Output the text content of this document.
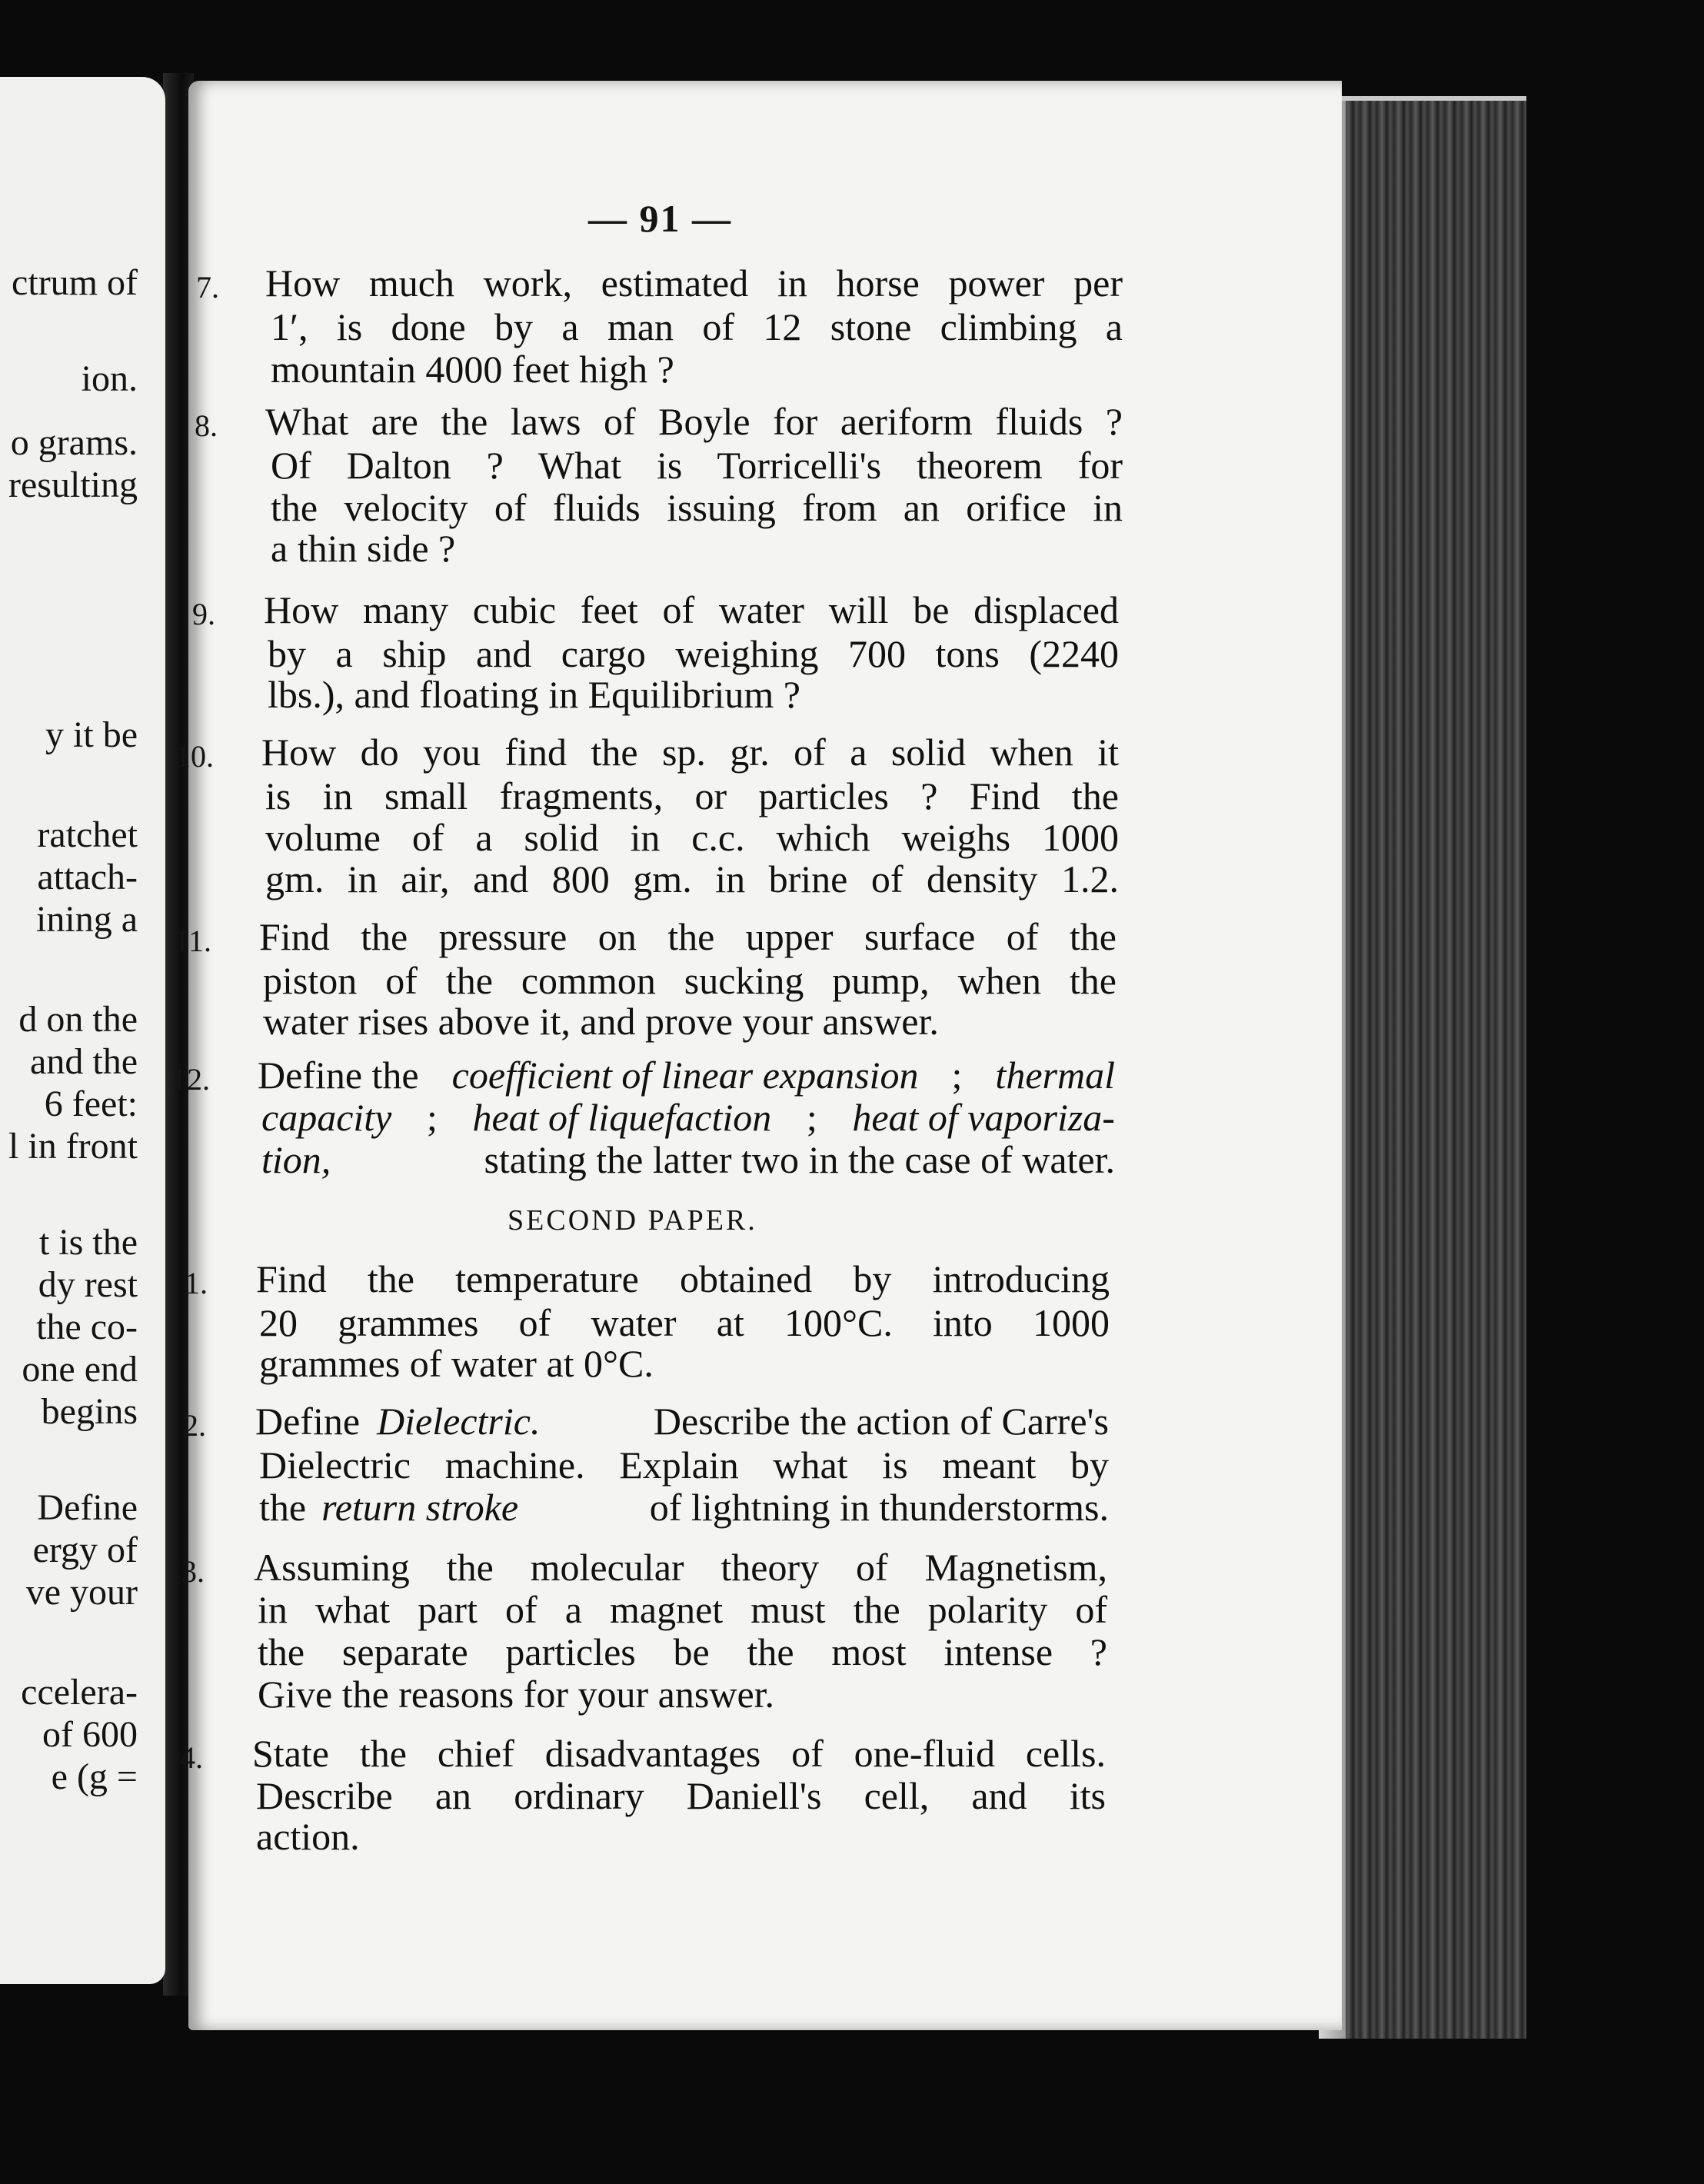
ctrum of
ion.
o grams.
resulting
y it be
ratchet
attach-
ining a
d on the
and the
6 feet:
l in front
t is the
dy rest
the co-
one end
begins
Define
ergy of
ve your
ccelera-
of 600
e (g =
— 91 —
7. How much work, estimated in horse power per
1′, is done by a man of 12 stone climbing a
mountain 4000 feet high ?
8. What are the laws of Boyle for aeriform fluids ?
Of Dalton ? What is Torricelli's theorem for
the velocity of fluids issuing from an orifice in
a thin side ?
9. How many cubic feet of water will be displaced
by a ship and cargo weighing 700 tons (2240
lbs.), and floating in Equilibrium ?
10. How do you find the sp. gr. of a solid when it
is in small fragments, or particles ? Find the
volume of a solid in c.c. which weighs 1000
gm. in air, and 800 gm. in brine of density 1.2.
11. Find the pressure on the upper surface of the
piston of the common sucking pump, when the
water rises above it, and prove your answer.
12. Define the coefficient of linear expansion ; thermal
capacity ; heat of liquefaction ; heat of vaporiza-
tion,	stating the latter two in the case of water.
SECOND PAPER.
1. Find the temperature obtained by introducing
20 grammes of water at 100°C. into 1000
grammes of water at 0°C.
2. Define Dielectric.	Describe the action of Carre's
Dielectric machine. Explain what is meant by
the return stroke	of lightning in thunderstorms.
3. Assuming the molecular theory of Magnetism,
in what part of a magnet must the polarity of
the separate particles be the most intense ?
Give the reasons for your answer.
4. State the chief disadvantages of one-fluid cells.
Describe an ordinary Daniell's cell, and its
action.
